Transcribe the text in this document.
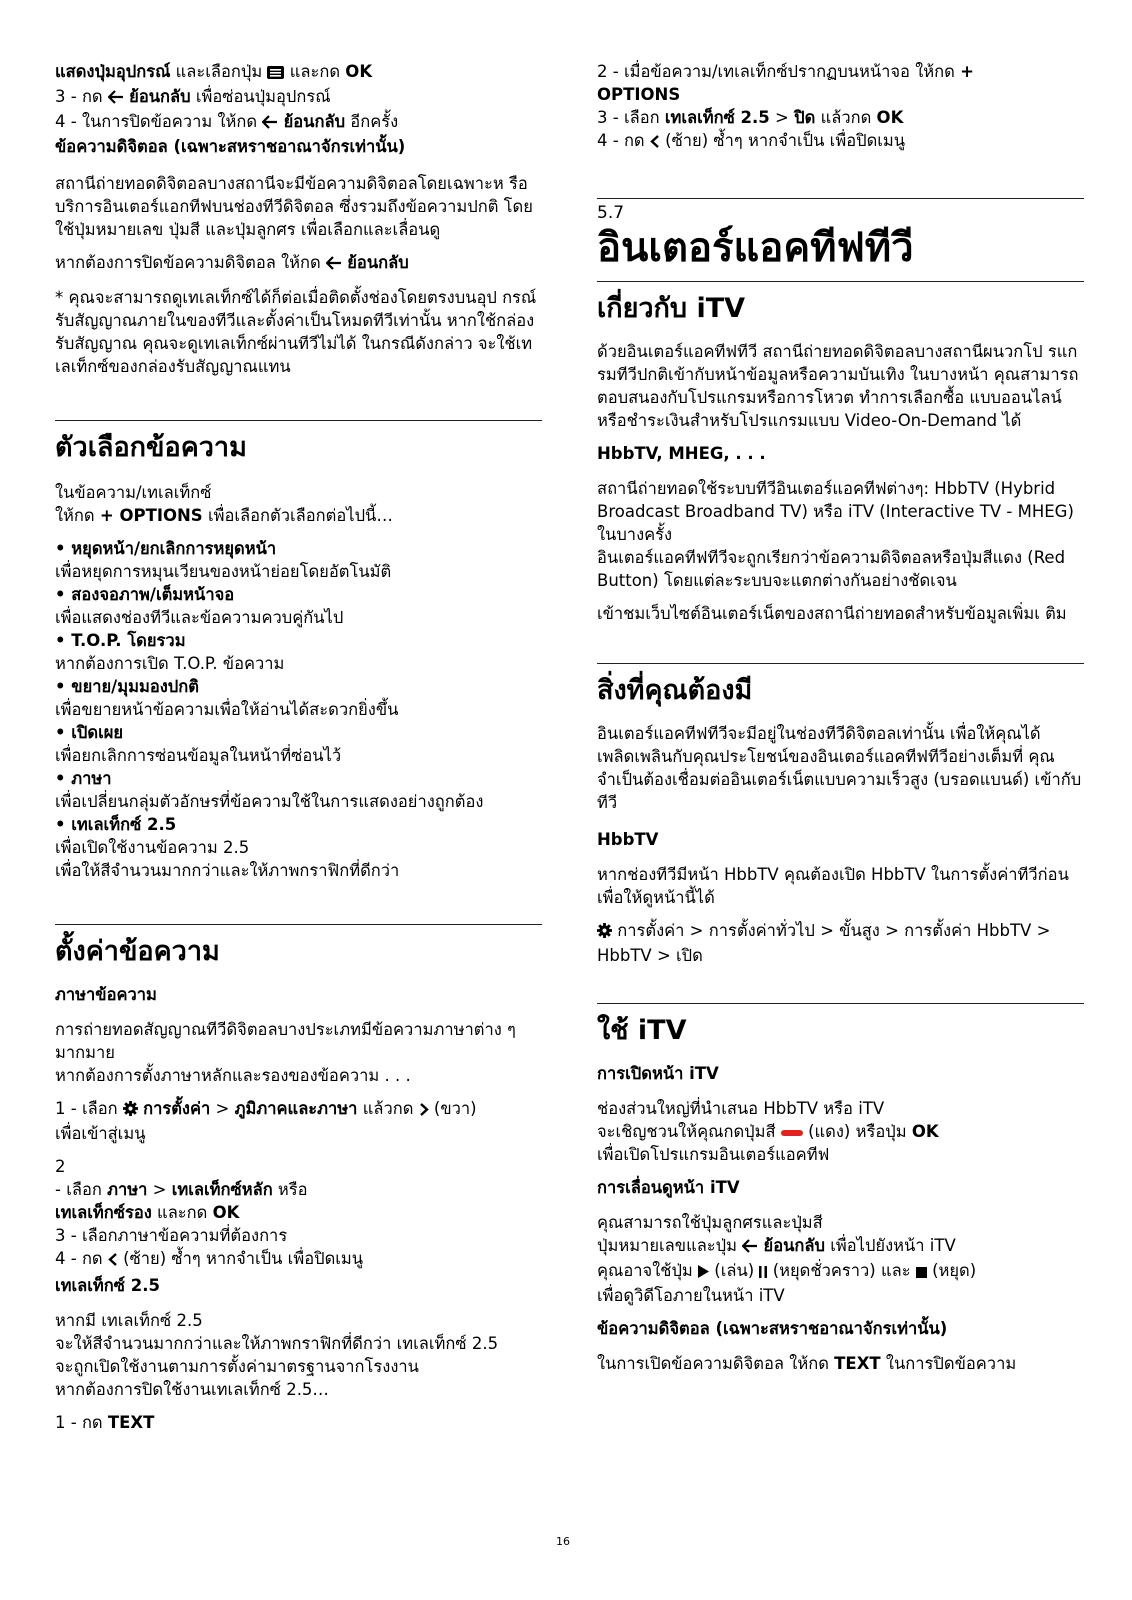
แสดงปุ่มอุปกรณ์ และเลือกปุ่ม  และกด OK

3 - กด  ย้อนกลับ เพื่อซ่อนปุ่มอุปกรณ์

4 - ในการปิดข้อความ ให้กด  ย้อนกลับ อีกครั้ง

ข้อความดิจิตอล (เฉพาะสหราชอาณาจักรเท่านั้น)

สถานีถ่ายทอดดิจิตอลบางสถานีจะมีข้อความดิจิตอลโดยเฉพาะห รือบริการอินเตอร์แอกทีฟบนช่องทีวีดิจิตอล ซึ่งรวมถึงข้อความปกติ โดยใช้ปุ่มหมายเลข ปุ่มสี และปุ่มลูกศร เพื่อเลือกและเลื่อนดู

หากต้องการปิดข้อความดิจิตอล ให้กด  ย้อนกลับ

* คุณจะสามารถดูเทเลเท็กซ์ได้ก็ต่อเมื่อติดตั้งช่องโดยตรงบนอุป กรณ์รับสัญญาณภายในของทีวีและตั้งค่าเป็นโหมดทีวีเท่านั้น หากใช้กล่องรับสัญญาณ คุณจะดูเทเลเท็กซ์ผ่านทีวีไม่ได้ ในกรณีดังกล่าว จะใช้เทเลเท็กซ์ของกล่องรับสัญญาณแทน

ตัวเลือกข้อความ

ในข้อความ/เทเลเท็กซ์

ให้กด + OPTIONS เพื่อเลือกตัวเลือกต่อไปนี้…

• หยุดหน้า/ยกเลิกการหยุดหน้า
เพื่อหยุดการหมุนเวียนของหน้าย่อยโดยอัตโนมัติ
• สองจอภาพ/เต็มหน้าจอ
เพื่อแสดงช่องทีวีและข้อความควบคู่กันไป
• T.O.P. โดยรวม
หากต้องการเปิด T.O.P. ข้อความ
• ขยาย/มุมมองปกติ
เพื่อขยายหน้าข้อความเพื่อให้อ่านได้สะดวกยิ่งขึ้น
• เปิดเผย
เพื่อยกเลิกการซ่อนข้อมูลในหน้าที่ซ่อนไว้
• ภาษา
เพื่อเปลี่ยนกลุ่มตัวอักษรที่ข้อความใช้ในการแสดงอย่างถูกต้อง
• เทเลเท็กซ์ 2.5
เพื่อเปิดใช้งานข้อความ 2.5
เพื่อให้สีจำนวนมากกว่าและให้ภาพกราฟิกที่ดีกว่า

ตั้งค่าข้อความ

ภาษาข้อความ

การถ่ายทอดสัญญาณทีวีดิจิตอลบางประเภทมีข้อความภาษาต่าง ๆ มากมาย

หากต้องการตั้งภาษาหลักและรองของข้อความ . . .

1 - เลือก  การตั้งค่า > ภูมิภาคและภาษา แล้วกด  (ขวา)

เพื่อเข้าสู่เมนู

2

- เลือก ภาษา > เทเลเท็กซ์หลัก หรือ

เทเลเท็กซ์รอง และกด OK

3 - เลือกภาษาข้อความที่ต้องการ

4 - กด  (ซ้าย) ซ้ำๆ หากจำเป็น เพื่อปิดเมนู

เทเลเท็กซ์ 2.5

หากมี เทเลเท็กซ์ 2.5

จะให้สีจำนวนมากกว่าและให้ภาพกราฟิกที่ดีกว่า เทเลเท็กซ์ 2.5

จะถูกเปิดใช้งานตามการตั้งค่ามาตรฐานจากโรงงาน

หากต้องการปิดใช้งานเทเลเท็กซ์ 2.5…

1 - กด TEXT

2 - เมื่อข้อความ/เทเลเท็กซ์ปรากฏบนหน้าจอ ให้กด +

OPTIONS

3 - เลือก เทเลเท็กซ์ 2.5 > ปิด แล้วกด OK

4 - กด  (ซ้าย) ซ้ำๆ หากจำเป็น เพื่อปิดเมนู

5.7
อินเตอร์แอคทีฟทีวี

เกี่ยวกับ iTV

ด้วยอินเตอร์แอคทีฟทีวี สถานีถ่ายทอดดิจิตอลบางสถานีผนวกโป รแกรมทีวีปกติเข้ากับหน้าข้อมูลหรือความบันเทิง ในบางหน้า คุณสามารถตอบสนองกับโปรแกรมหรือการโหวต ทำการเลือกซื้อ แบบออนไลน์หรือชำระเงินสำหรับโปรแกรมแบบ Video-On-Demand ได้

HbbTV, MHEG, . . .

สถานีถ่ายทอดใช้ระบบทีวีอินเตอร์แอคทีฟต่างๆ: HbbTV (Hybrid Broadcast Broadband TV) หรือ iTV (Interactive TV - MHEG) ในบางครั้ง

อินเตอร์แอคทีฟทีวีจะถูกเรียกว่าข้อความดิจิตอลหรือปุ่มสีแดง (Red Button) โดยแต่ละระบบจะแตกต่างกันอย่างชัดเจน

เข้าชมเว็บไซต์อินเตอร์เน็ตของสถานีถ่ายทอดสำหรับข้อมูลเพิ่มเ ติม

สิ่งที่คุณต้องมี

อินเตอร์แอคทีฟทีวีจะมีอยู่ในช่องทีวีดิจิตอลเท่านั้น เพื่อให้คุณได้ เพลิดเพลินกับคุณประโยชน์ของอินเตอร์แอคทีฟทีวีอย่างเต็มที่ คุณจำเป็นต้องเชื่อมต่ออินเตอร์เน็ตแบบความเร็วสูง (บรอดแบนด์) เข้ากับทีวี

HbbTV

หากช่องทีวีมีหน้า HbbTV คุณต้องเปิด HbbTV ในการตั้งค่าทีวีก่อนเพื่อให้ดูหน้านี้ได้

การตั้งค่า > การตั้งค่าทั่วไป > ขั้นสูง > การตั้งค่า HbbTV > HbbTV > เปิด

ใช้ iTV

การเปิดหน้า iTV

ช่องส่วนใหญ่ที่นำเสนอ HbbTV หรือ iTV

จะเชิญชวนให้คุณกดปุ่มสี  (แดง) หรือปุ่ม OK

เพื่อเปิดโปรแกรมอินเตอร์แอคทีฟ

การเลื่อนดูหน้า iTV

คุณสามารถใช้ปุ่มลูกศรและปุ่มสี

ปุ่มหมายเลขและปุ่ม  ย้อนกลับ เพื่อไปยังหน้า iTV

คุณอาจใช้ปุ่ม  (เล่น)  (หยุดชั่วคราว) และ  (หยุด)

เพื่อดูวิดีโอภายในหน้า iTV

ข้อความดิจิตอล (เฉพาะสหราชอาณาจักรเท่านั้น)

ในการเปิดข้อความดิจิตอล ให้กด TEXT ในการปิดข้อความ

16
